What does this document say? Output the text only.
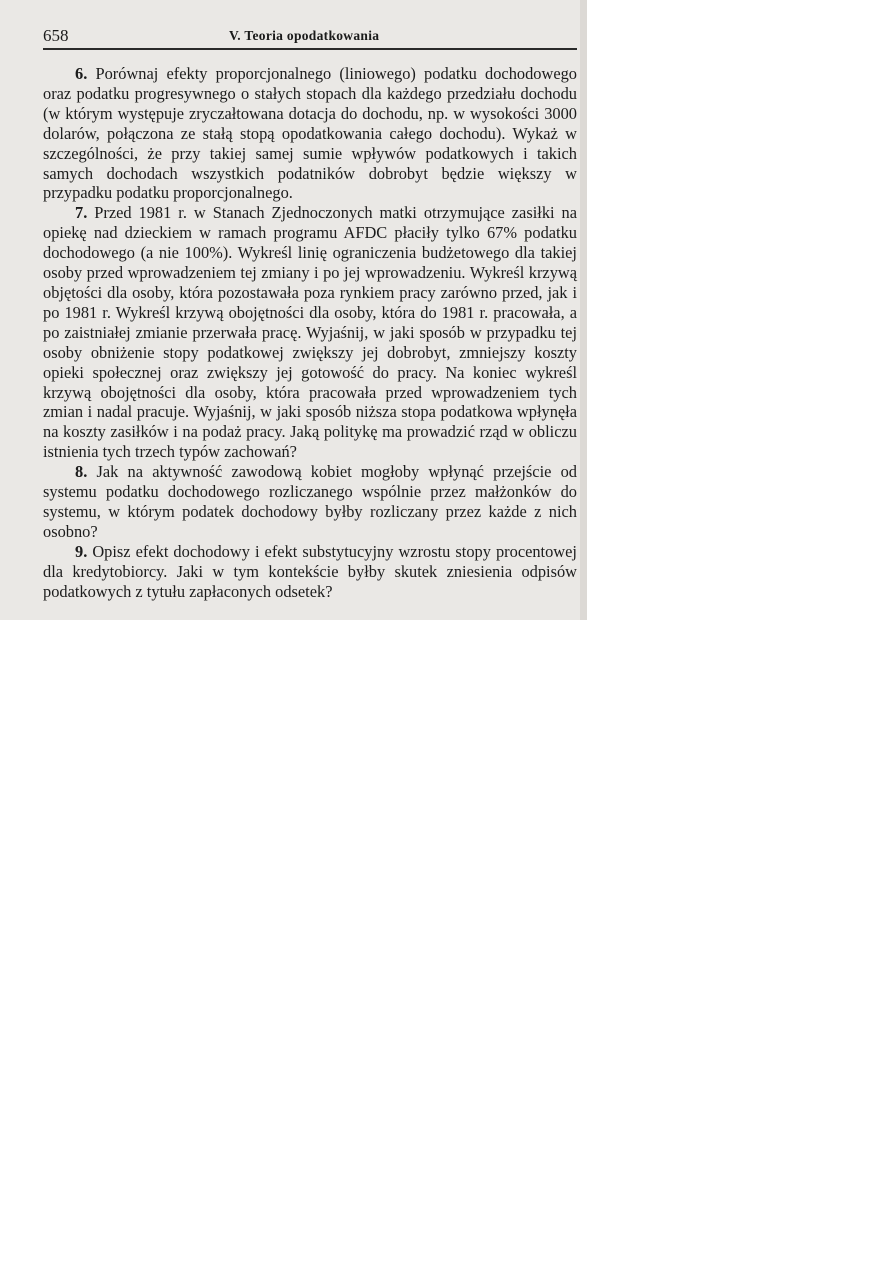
658	V. Teoria opodatkowania

6. Porównaj efekty proporcjonalnego (liniowego) podatku dochodowego oraz podatku progresywnego o stałych stopach dla każdego przedziału dochodu (w którym występuje zryczałtowana dotacja do dochodu, np. w wysokości 3000 dolarów, połączona ze stałą stopą opodatkowania całego dochodu). Wykaż w szczególności, że przy takiej samej sumie wpływów podatkowych i takich samych dochodach wszystkich podatników dobrobyt będzie większy w przypadku podatku proporcjonalnego.

7. Przed 1981 r. w Stanach Zjednoczonych matki otrzymujące zasiłki na opiekę nad dzieckiem w ramach programu AFDC płaciły tylko 67% podatku dochodowego (a nie 100%). Wykreśl linię ograniczenia budżetowego dla takiej osoby przed wprowadzeniem tej zmiany i po jej wprowadzeniu. Wykreśl krzywą objętości dla osoby, która pozostawała poza rynkiem pracy zarówno przed, jak i po 1981 r. Wykreśl krzywą obojętności dla osoby, która do 1981 r. pracowała, a po zaistniałej zmianie przerwała pracę. Wyjaśnij, w jaki sposób w przypadku tej osoby obniżenie stopy podatkowej zwiększy jej dobrobyt, zmniejszy koszty opieki społecznej oraz zwiększy jej gotowość do pracy. Na koniec wykreśl krzywą obojętności dla osoby, która pracowała przed wprowadzeniem tych zmian i nadal pracuje. Wyjaśnij, w jaki sposób niższa stopa podatkowa wpłynęła na koszty zasiłków i na podaż pracy. Jaką politykę ma prowadzić rząd w obliczu istnienia tych trzech typów zachowań?

8. Jak na aktywność zawodową kobiet mogłoby wpłynąć przejście od systemu podatku dochodowego rozliczanego wspólnie przez małżonków do systemu, w którym podatek dochodowy byłby rozliczany przez każde z nich osobno?

9. Opisz efekt dochodowy i efekt substytucyjny wzrostu stopy procentowej dla kredytobiorcy. Jaki w tym kontekście byłby skutek zniesienia odpisów podatkowych z tytułu zapłaconych odsetek?
